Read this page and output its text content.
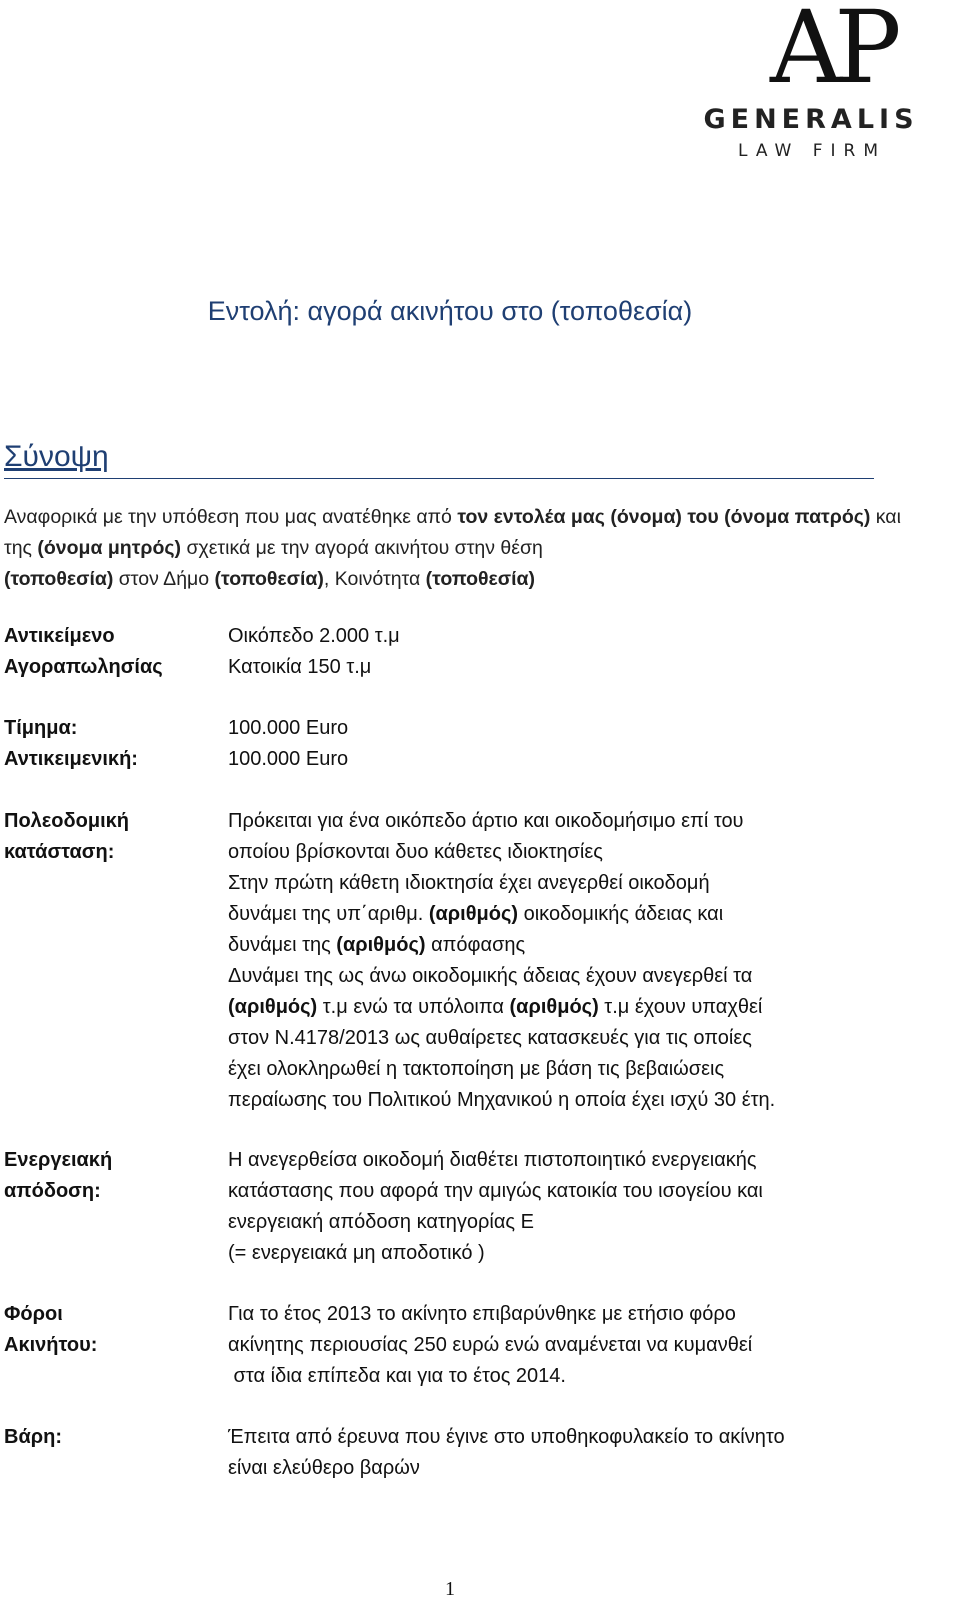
AP
GENERALIS
LAW FIRM
Εντολή: αγορά ακινήτου στο (τοποθεσία)
Σύνοψη
Αναφορικά με την υπόθεση που μας ανατέθηκε από τον εντολέα μας (όνομα) του (όνομα πατρός) και της (όνομα μητρός) σχετικά με την αγορά ακινήτου στην θέση
(τοποθεσία) στον Δήμο (τοποθεσία), Κοινότητα (τοποθεσία)
Αντικείμενο
Αγοραπωλησίας
Οικόπεδο 2.000 τ.μ
Κατοικία 150 τ.μ
Τίμημα:
Αντικειμενική:
100.000 Euro
100.000 Euro
Πολεοδομική
κατάσταση:
Πρόκειται για ένα οικόπεδο άρτιο και οικοδομήσιμο επί του
οποίου βρίσκονται δυο κάθετες ιδιοκτησίες
Στην πρώτη κάθετη ιδιοκτησία έχει ανεγερθεί οικοδομή
δυνάμει της υπ΄αριθμ. (αριθμός) οικοδομικής άδειας και
δυνάμει της (αριθμός) απόφασης
Δυνάμει της ως άνω οικοδομικής άδειας έχουν ανεγερθεί τα
(αριθμός) τ.μ ενώ τα υπόλοιπα (αριθμός) τ.μ έχουν υπαχθεί
στον Ν.4178/2013 ως αυθαίρετες κατασκευές για τις οποίες
έχει ολοκληρωθεί η τακτοποίηση με βάση τις βεβαιώσεις
περαίωσης του Πολιτικού Μηχανικού η οποία έχει ισχύ 30 έτη.
Ενεργειακή
απόδοση:
Η ανεγερθείσα οικοδομή διαθέτει πιστοποιητικό ενεργειακής
κατάστασης που αφορά την αμιγώς κατοικία του ισογείου και
ενεργειακή απόδοση κατηγορίας Ε
(= ενεργειακά μη αποδοτικό )
Φόροι
Ακινήτου:
Για το έτος 2013 το ακίνητο επιβαρύνθηκε με ετήσιο φόρο
ακίνητης περιουσίας 250 ευρώ ενώ αναμένεται να κυμανθεί
στα ίδια επίπεδα και για το έτος 2014.
Βάρη:	Έπειτα από έρευνα που έγινε στο υποθηκοφυλακείο το ακίνητο
είναι ελεύθερο βαρών
1
